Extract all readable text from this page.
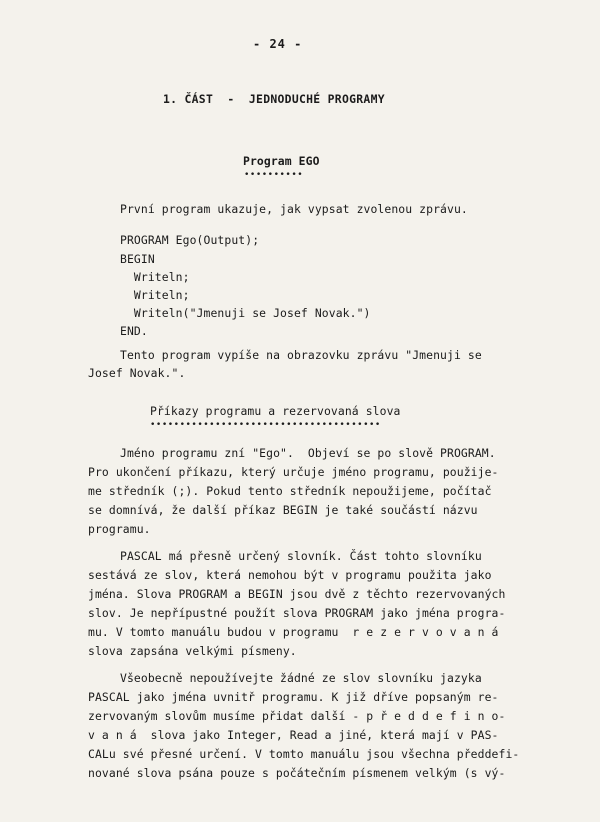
- 24 -
1. ČÁST  -  JEDNODUCHÉ PROGRAMY
Program EGO
••••••••••
První program ukazuje, jak vypsat zvolenou zprávu.
PROGRAM Ego(Output);
BEGIN
Writeln;
Writeln;
Writeln("Jmenuji se Josef Novak.")
END.
Tento program vypíše na obrazovku zprávu "Jmenuji se
Josef Novak.".
Příkazy programu a rezervovaná slova
•••••••••••••••••••••••••••••••••••••••
Jméno programu zní "Ego".  Objeví se po slově PROGRAM.
Pro ukončení příkazu, který určuje jméno programu, použije-
me středník (;). Pokud tento středník nepoužijeme, počítač
se domnívá, že další příkaz BEGIN je také součástí názvu
programu.
PASCAL má přesně určený slovník. Část tohto slovníku
sestává ze slov, která nemohou být v programu použita jako
jména. Slova PROGRAM a BEGIN jsou dvě z těchto rezervovaných
slov. Je nepřípustné použít slova PROGRAM jako jména progra-
mu. V tomto manuálu budou v programu  r e z e r v o v a n á
slova zapsána velkými písmeny.
Všeobecně nepoužívejte žádné ze slov slovníku jazyka
PASCAL jako jména uvnitř programu. K již dříve popsaným re-
zervovaným slovům musíme přidat další - p ř e d d e f i n o-
v a n á  slova jako Integer, Read a jiné, která mají v PAS-
CALu své přesné určení. V tomto manuálu jsou všechna předdefi-
nované slova psána pouze s počátečním písmenem velkým (s vý-
